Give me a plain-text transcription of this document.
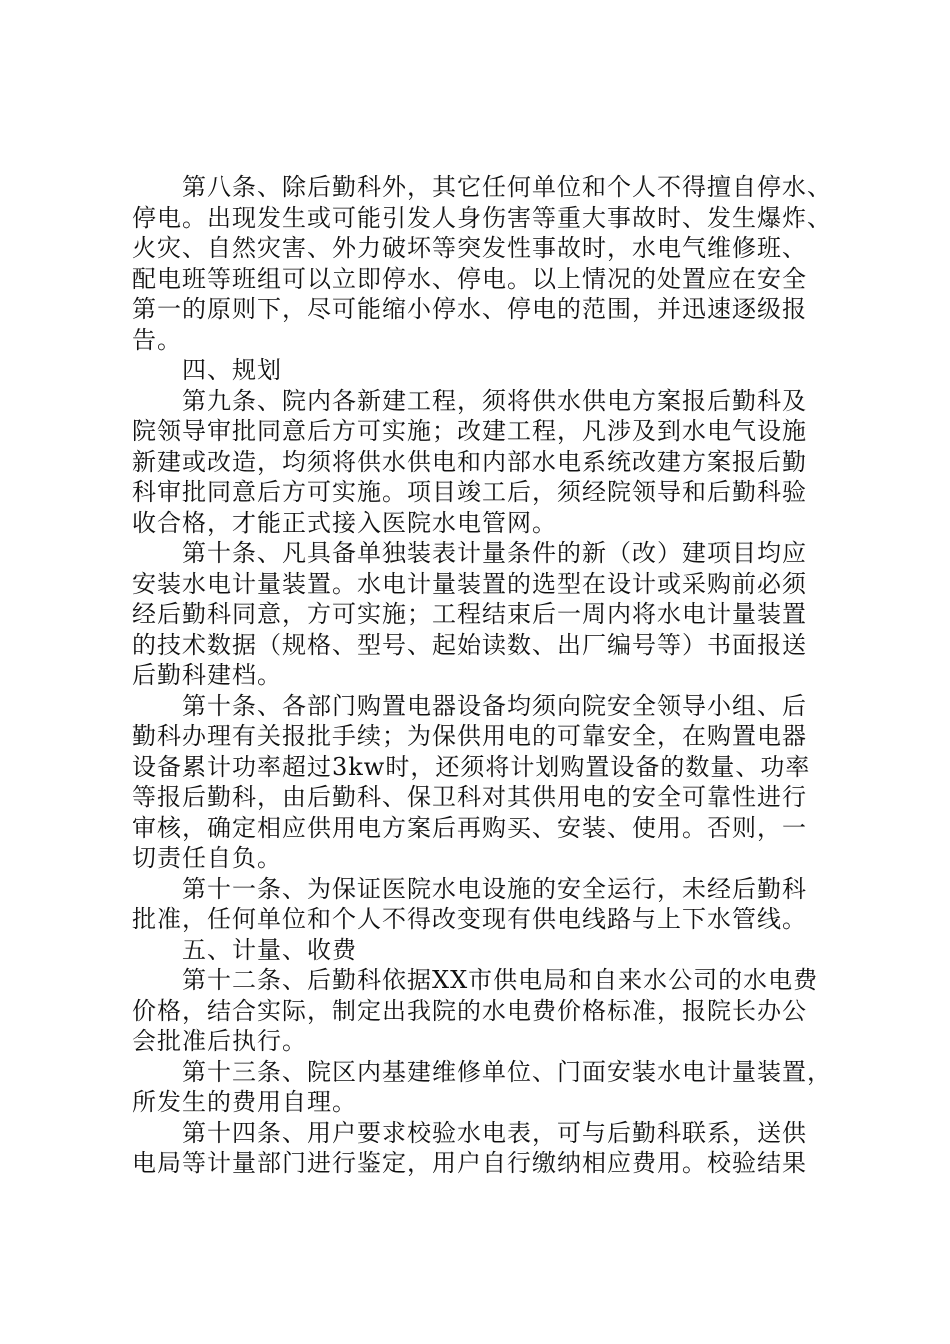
第八条、除后勤科外，其它任何单位和个人不得擅自停水、
停电。出现发生或可能引发人身伤害等重大事故时、发生爆炸、
火灾、自然灾害、外力破坏等突发性事故时，水电气维修班、
配电班等班组可以立即停水、停电。以上情况的处置应在安全
第一的原则下，尽可能缩小停水、停电的范围，并迅速逐级报
告。
四、规划
第九条、院内各新建工程，须将供水供电方案报后勤科及
院领导审批同意后方可实施；改建工程，凡涉及到水电气设施
新建或改造，均须将供水供电和内部水电系统改建方案报后勤
科审批同意后方可实施。项目竣工后，须经院领导和后勤科验
收合格，才能正式接入医院水电管网。
第十条、凡具备单独装表计量条件的新（改）建项目均应
安装水电计量装置。水电计量装置的选型在设计或采购前必须
经后勤科同意，方可实施；工程结束后一周内将水电计量装置
的技术数据（规格、型号、起始读数、出厂编号等）书面报送
后勤科建档。
第十条、各部门购置电器设备均须向院安全领导小组、后
勤科办理有关报批手续；为保供用电的可靠安全，在购置电器
设备累计功率超过3kw时，还须将计划购置设备的数量、功率
等报后勤科，由后勤科、保卫科对其供用电的安全可靠性进行
审核，确定相应供用电方案后再购买、安装、使用。否则，一
切责任自负。
第十一条、为保证医院水电设施的安全运行，未经后勤科
批准，任何单位和个人不得改变现有供电线路与上下水管线。
五、计量、收费
第十二条、后勤科依据XX市供电局和自来水公司的水电费
价格，结合实际，制定出我院的水电费价格标准，报院长办公
会批准后执行。
第十三条、院区内基建维修单位、门面安装水电计量装置，
所发生的费用自理。
第十四条、用户要求校验水电表，可与后勤科联系，送供
电局等计量部门进行鉴定，用户自行缴纳相应费用。校验结果
